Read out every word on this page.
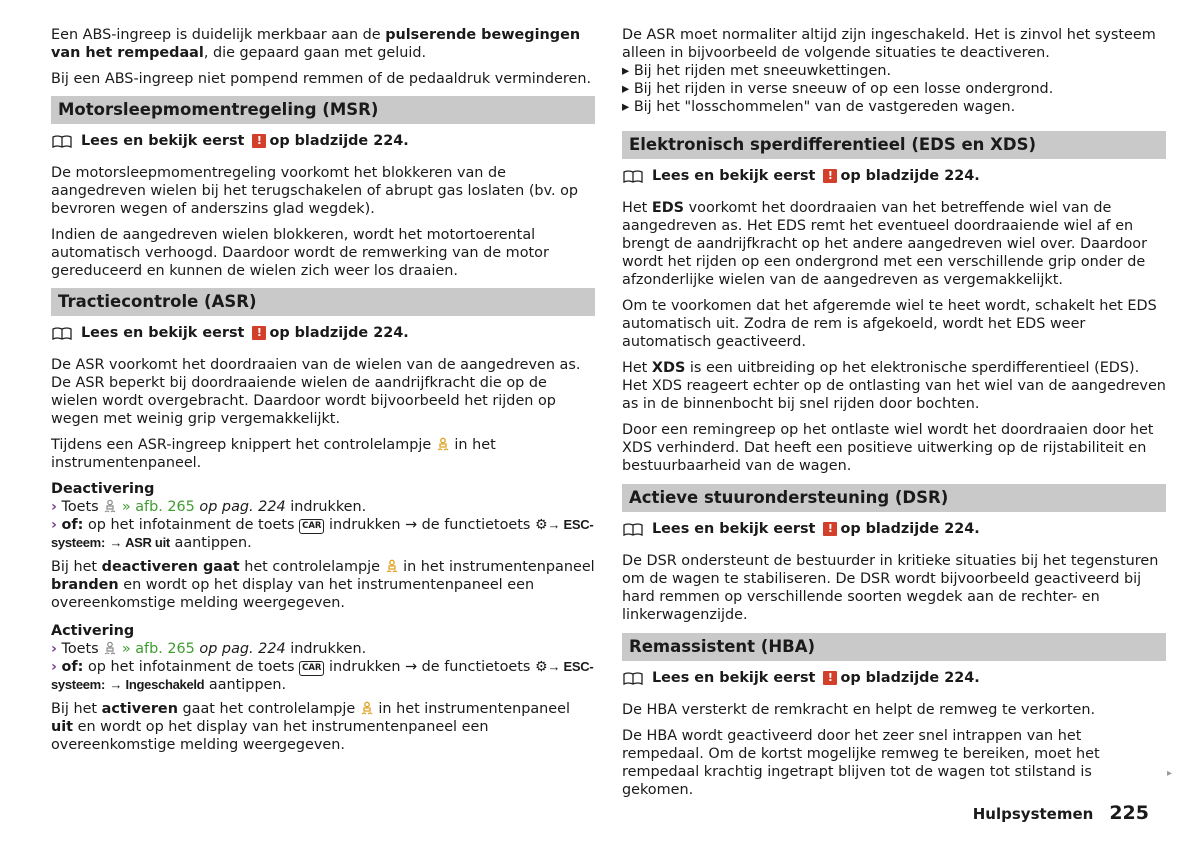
Een ABS-ingreep is duidelijk merkbaar aan de pulserende bewegingen van het rempedaal, die gepaard gaan met geluid.

Bij een ABS-ingreep niet pompend remmen of de pedaaldruk verminderen.

Motorsleepmomentregeling (MSR)
Lees en bekijk eerst
	! op bladzijde 224.

De motorsleepmomentregeling voorkomt het blokkeren van de aangedreven wielen bij het terugschakelen of abrupt gas loslaten (bv. op bevroren wegen of anderszins glad wegdek).

Indien de aangedreven wielen blokkeren, wordt het motortoerental automatisch verhoogd. Daardoor wordt de remwerking van de motor gereduceerd en kunnen de wielen zich weer los draaien.

Tractiecontrole (ASR)
Lees en bekijk eerst
	! op bladzijde 224.

De ASR voorkomt het doordraaien van de wielen van de aangedreven as. De ASR beperkt bij doordraaiende wielen de aandrijfkracht die op de wielen wordt overgebracht. Daardoor wordt bijvoorbeeld het rijden op wegen met weinig grip vergemakkelijkt.

Tijdens een ASR-ingreep knippert het controlelampje in het instrumentenpaneel.

Deactivering

› Toets » afb. 265 op pag. 224 indrukken.

› of: op het infotainment de toets CAR indrukken → de functietoets ⚙→ ESC-
systeem: → ASR uit aantippen.

Bij het deactiveren gaat het controlelampje in het instrumentenpaneel branden en wordt op het display van het instrumentenpaneel een overeenkomstige melding weergegeven.

Activering

› Toets » afb. 265 op pag. 224 indrukken.

› of: op het infotainment de toets CAR indrukken → de functietoets ⚙→ ESC-
systeem: → Ingeschakeld aantippen.

Bij het activeren gaat het controlelampje in het instrumentenpaneel uit en wordt op het display van het instrumentenpaneel een overeenkomstige melding weergegeven.

De ASR moet normaliter altijd zijn ingeschakeld. Het is zinvol het systeem alleen in bijvoorbeeld de volgende situaties te deactiveren.

▸ Bij het rijden met sneeuwkettingen.

▸ Bij het rijden in verse sneeuw of op een losse ondergrond.

▸ Bij het "losschommelen" van de vastgereden wagen.

Elektronisch sperdifferentieel (EDS en XDS)
Lees en bekijk eerst
	! op bladzijde 224.

Het EDS voorkomt het doordraaien van het betreffende wiel van de aangedreven as. Het EDS remt het eventueel doordraaiende wiel af en brengt de aandrijfkracht op het andere aangedreven wiel over. Daardoor wordt het rijden op een ondergrond met een verschillende grip onder de afzonderlijke wielen van de aangedreven as vergemakkelijkt.

Om te voorkomen dat het afgeremde wiel te heet wordt, schakelt het EDS automatisch uit. Zodra de rem is afgekoeld, wordt het EDS weer automatisch geactiveerd.

Het XDS is een uitbreiding op het elektronische sperdifferentieel (EDS). Het XDS reageert echter op de ontlasting van het wiel van de aangedreven as in de binnenbocht bij snel rijden door bochten.

Door een remingreep op het ontlaste wiel wordt het doordraaien door het XDS verhinderd. Dat heeft een positieve uitwerking op de rijstabiliteit en bestuurbaarheid van de wagen.

Actieve stuurondersteuning (DSR)
Lees en bekijk eerst
	! op bladzijde 224.

De DSR ondersteunt de bestuurder in kritieke situaties bij het tegensturen om de wagen te stabiliseren. De DSR wordt bijvoorbeeld geactiveerd bij hard remmen op verschillende soorten wegdek aan de rechter- en linkerwagenzijde.

Remassistent (HBA)
Lees en bekijk eerst
	! op bladzijde 224.

De HBA versterkt de remkracht en helpt de remweg te verkorten.

De HBA wordt geactiveerd door het zeer snel intrappen van het rempedaal. Om de kortst mogelijke remweg te bereiken, moet het rempedaal krachtig ingetrapt blijven tot de wagen tot stilstand is gekomen.

▸
Hulpsystemen 225
